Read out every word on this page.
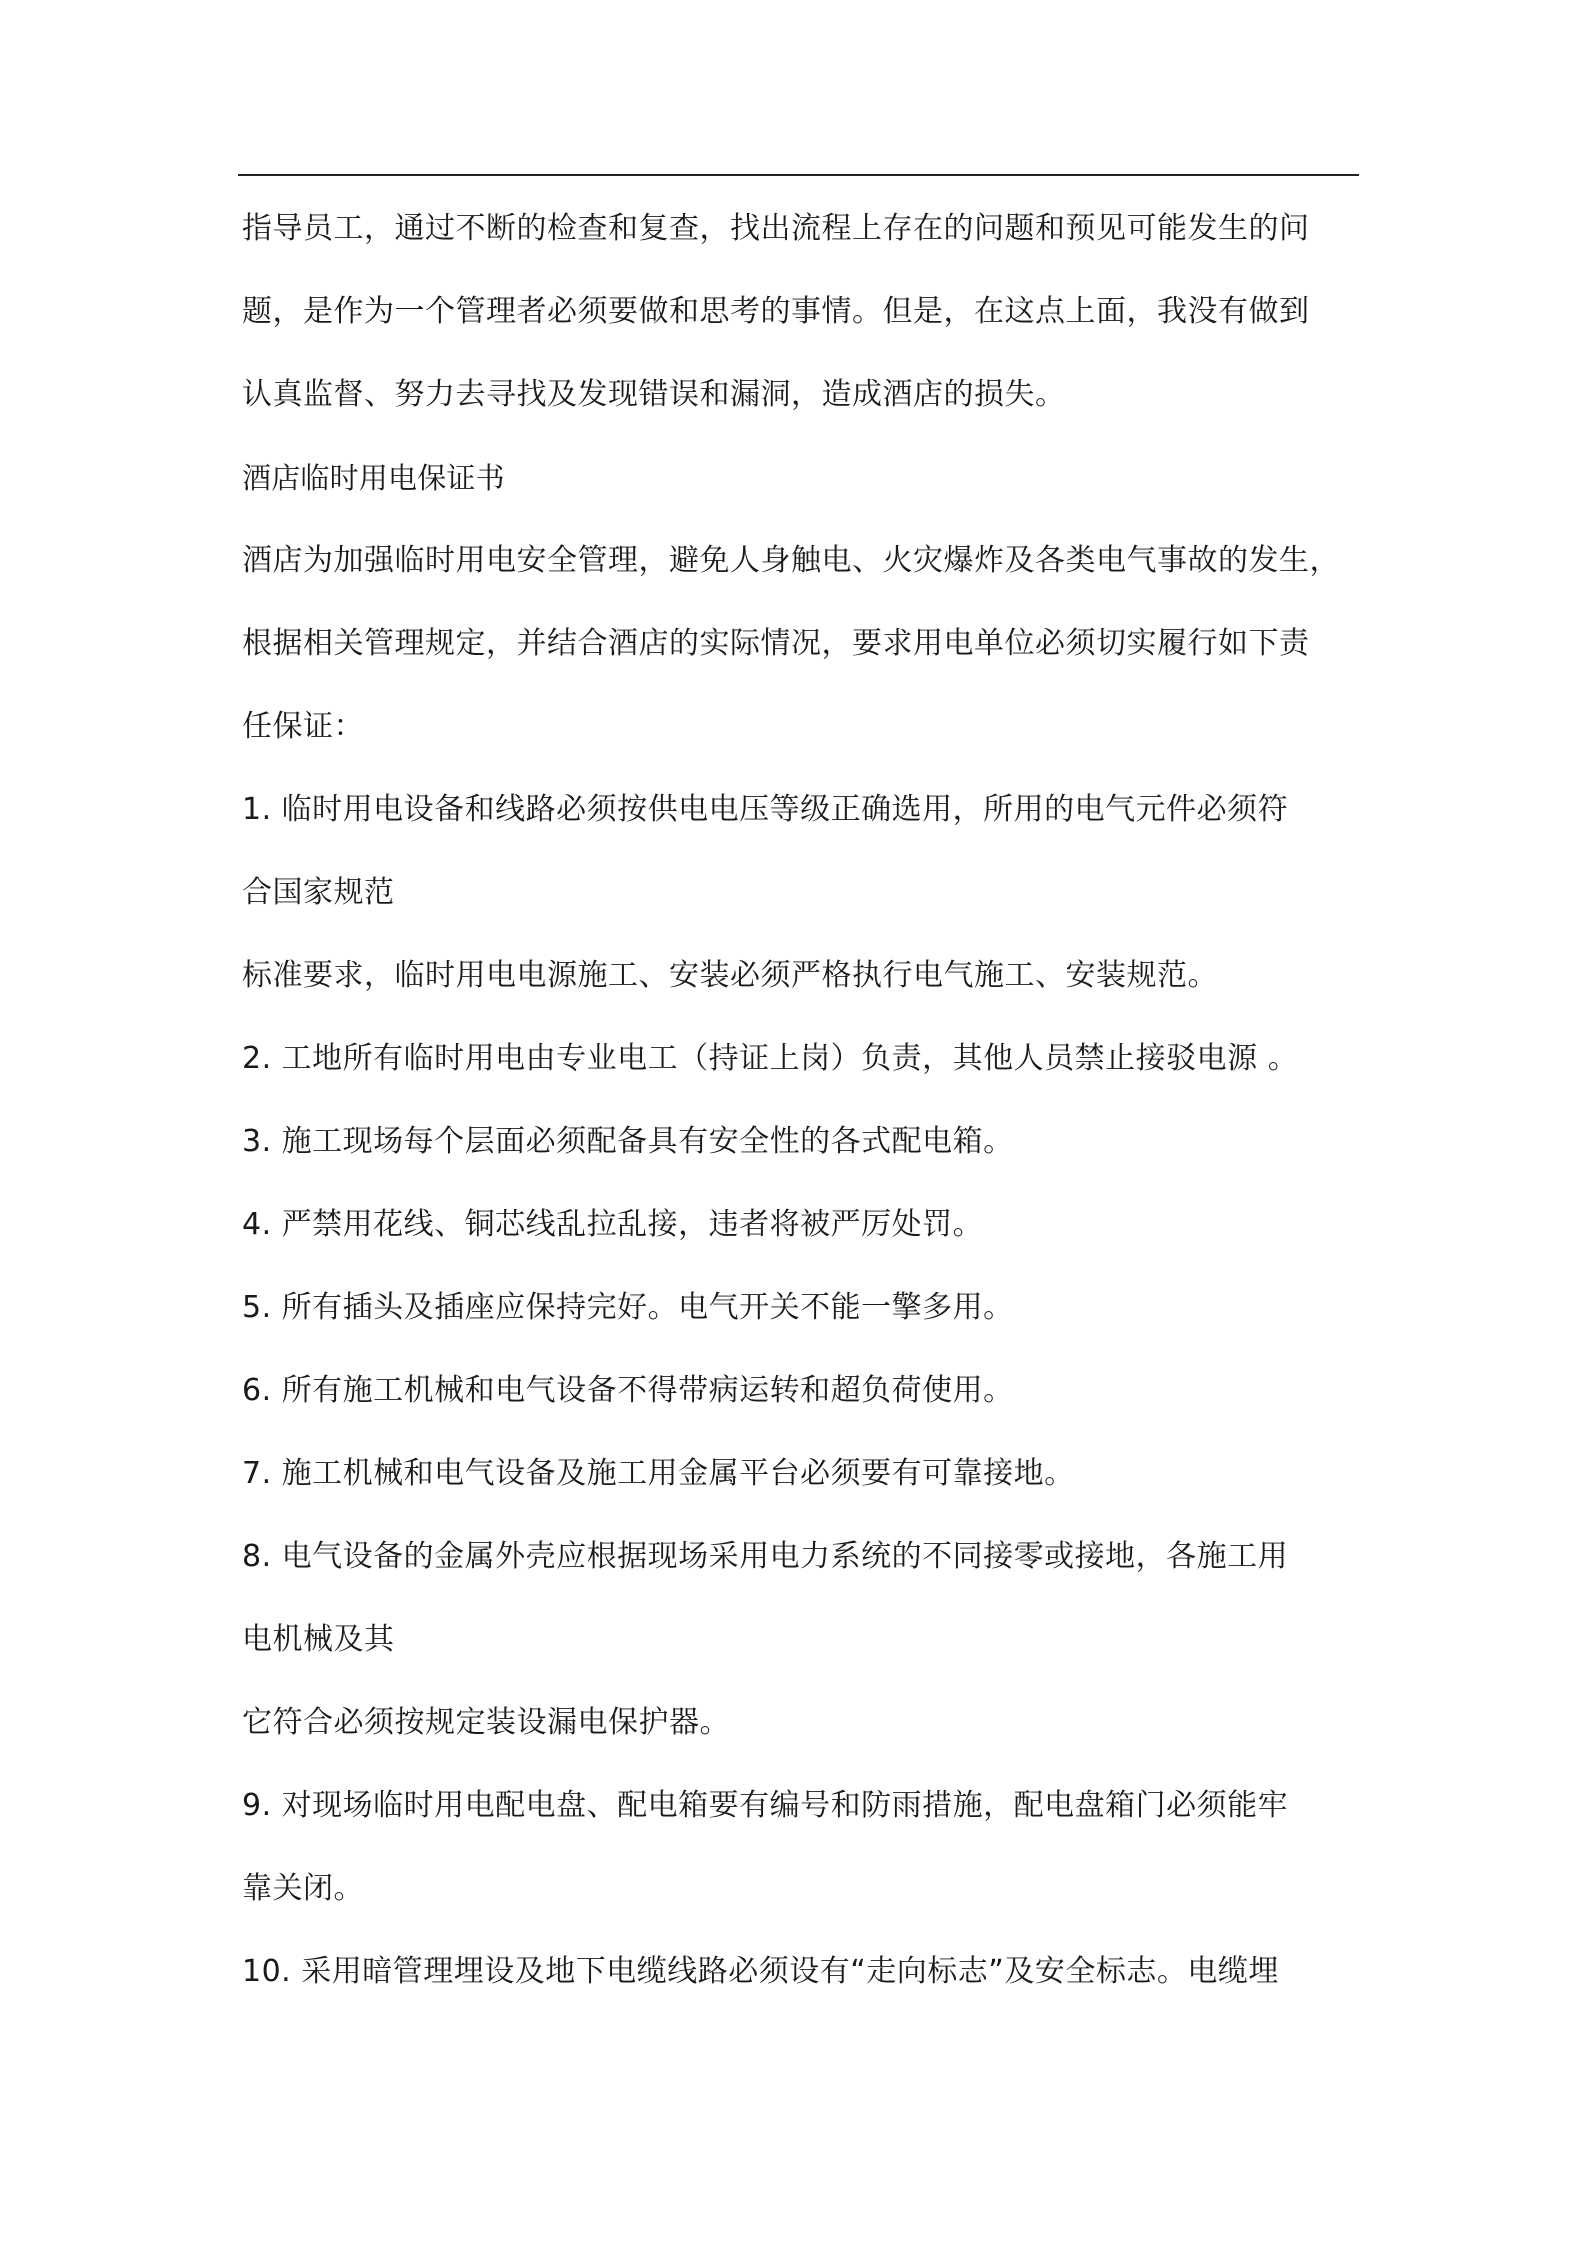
指导员工，通过不断的检查和复查，找出流程上存在的问题和预见可能发生的问

题，是作为一个管理者必须要做和思考的事情。但是，在这点上面，我没有做到

认真监督、努力去寻找及发现错误和漏洞，造成酒店的损失。

酒店临时用电保证书

酒店为加强临时用电安全管理，避免人身触电、火灾爆炸及各类电气事故的发生，

根据相关管理规定，并结合酒店的实际情况，要求用电单位必须切实履行如下责

任保证：

1. 临时用电设备和线路必须按供电电压等级正确选用，所用的电气元件必须符

合国家规范

标准要求，临时用电电源施工、安装必须严格执行电气施工、安装规范。

2. 工地所有临时用电由专业电工（持证上岗）负责，其他人员禁止接驳电源 。

3. 施工现场每个层面必须配备具有安全性的各式配电箱。

4. 严禁用花线、铜芯线乱拉乱接，违者将被严厉处罚。

5. 所有插头及插座应保持完好。电气开关不能一擎多用。

6. 所有施工机械和电气设备不得带病运转和超负荷使用。

7. 施工机械和电气设备及施工用金属平台必须要有可靠接地。

8. 电气设备的金属外壳应根据现场采用电力系统的不同接零或接地，各施工用

电机械及其

它符合必须按规定装设漏电保护器。

9. 对现场临时用电配电盘、配电箱要有编号和防雨措施，配电盘箱门必须能牢

靠关闭。

10. 采用暗管理埋设及地下电缆线路必须设有“走向标志”及安全标志。电缆埋
